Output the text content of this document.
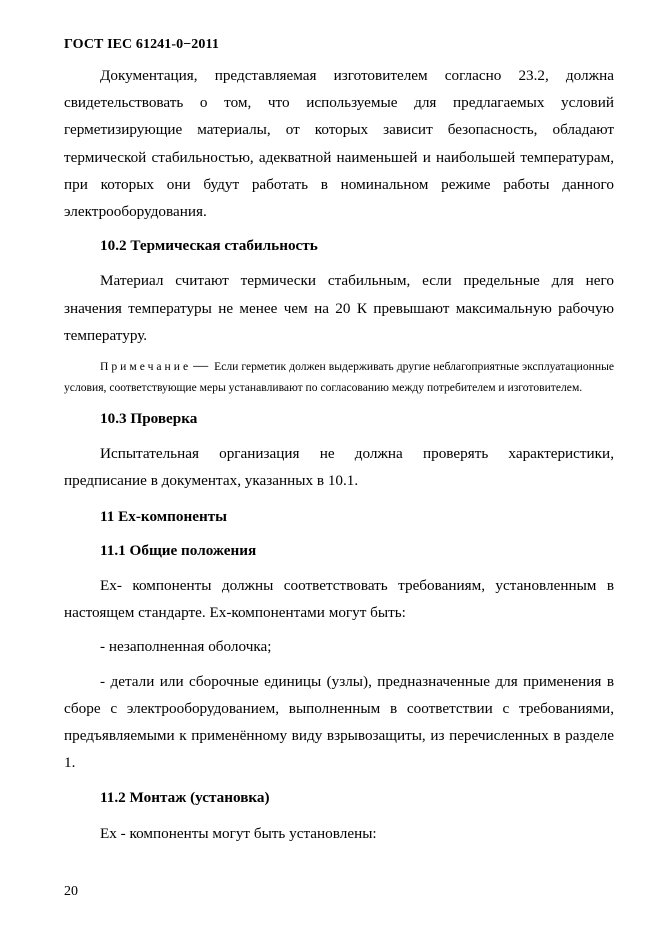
ГОСТ IEC 61241-0−2011

Документация, представляемая изготовителем согласно 23.2, должна свидетельствовать о том, что используемые для предлагаемых условий герметизирующие материалы, от которых зависит безопасность, обладают термической стабильностью, адекватной наименьшей и наибольшей температурам, при которых они будут работать в номинальном режиме работы данного электрооборудования.

10.2 Термическая стабильность

Материал считают термически стабильным, если предельные для него значения температуры не менее чем на 20 К превышают максимальную рабочую температуру.

Примечание — Если герметик должен выдерживать другие неблагоприятные эксплуатационные условия, соответствующие меры устанавливают по согласованию между потребителем и изготовителем.
10.3 Проверка

Испытательная организация не должна проверять характеристики, предписание в документах, указанных в 10.1.

11 Ex-компоненты
11.1 Общие положения

Ex- компоненты должны соответствовать требованиям, установленным в настоящем стандарте. Ex-компонентами могут быть:

- незаполненная оболочка;

- детали или сборочные единицы (узлы), предназначенные для применения в сборе с электрооборудованием, выполненным в соответствии с требованиями, предъявляемыми к применённому виду взрывозащиты, из перечисленных в разделе 1.

11.2 Монтаж (установка)

Ex - компоненты могут быть установлены:

20
